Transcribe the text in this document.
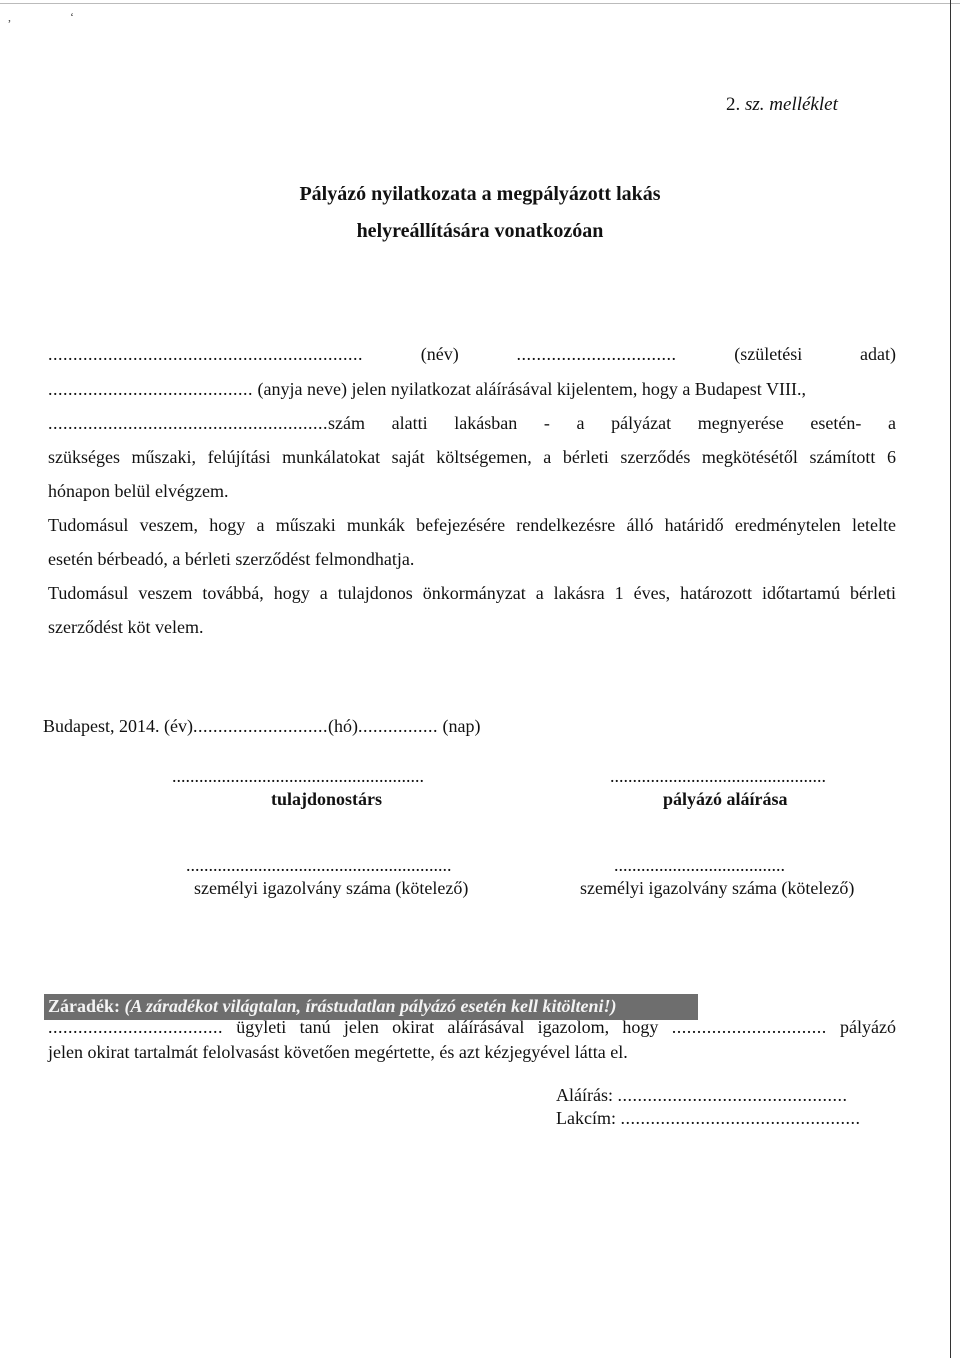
,	‘
2. sz. melléklet
Pályázó nyilatkozata a megpályázott lakás
helyreállítására vonatkozóan
...............................................................	(név)	................................	(születési adat)
......................................... (anyja neve) jelen nyilatkozat aláírásával kijelentem, hogy a Budapest VIII.,
........................................................szám alatti lakásban - a pályázat megnyerése esetén- a
szükséges műszaki, felújítási munkálatokat saját költségemen, a bérleti szerződés megkötésétől számított 6
hónapon belül elvégzem.
Tudomásul veszem, hogy a műszaki munkák befejezésére rendelkezésre álló határidő eredménytelen letelte
esetén bérbeadó, a bérleti szerződést felmondhatja.
Tudomásul veszem továbbá, hogy a tulajdonos önkormányzat a lakásra 1 éves, határozott időtartamú bérleti
szerződést köt velem.
Budapest, 2014. (év)...........................(hó)................ (nap)
........................................................
tulajdonostárs
................................................
pályázó aláírása
...........................................................
személyi igazolvány száma (kötelező)
......................................
személyi igazolvány száma (kötelező)
Záradék: (A záradékot világtalan, írástudatlan pályázó esetén kell kitölteni!)
................................... ügyleti tanú jelen okirat aláírásával igazolom, hogy ............................... pályázó
jelen okirat tartalmát felolvasást követően megértette, és azt kézjegyével látta el.
Aláírás: ..............................................
Lakcím: ................................................
